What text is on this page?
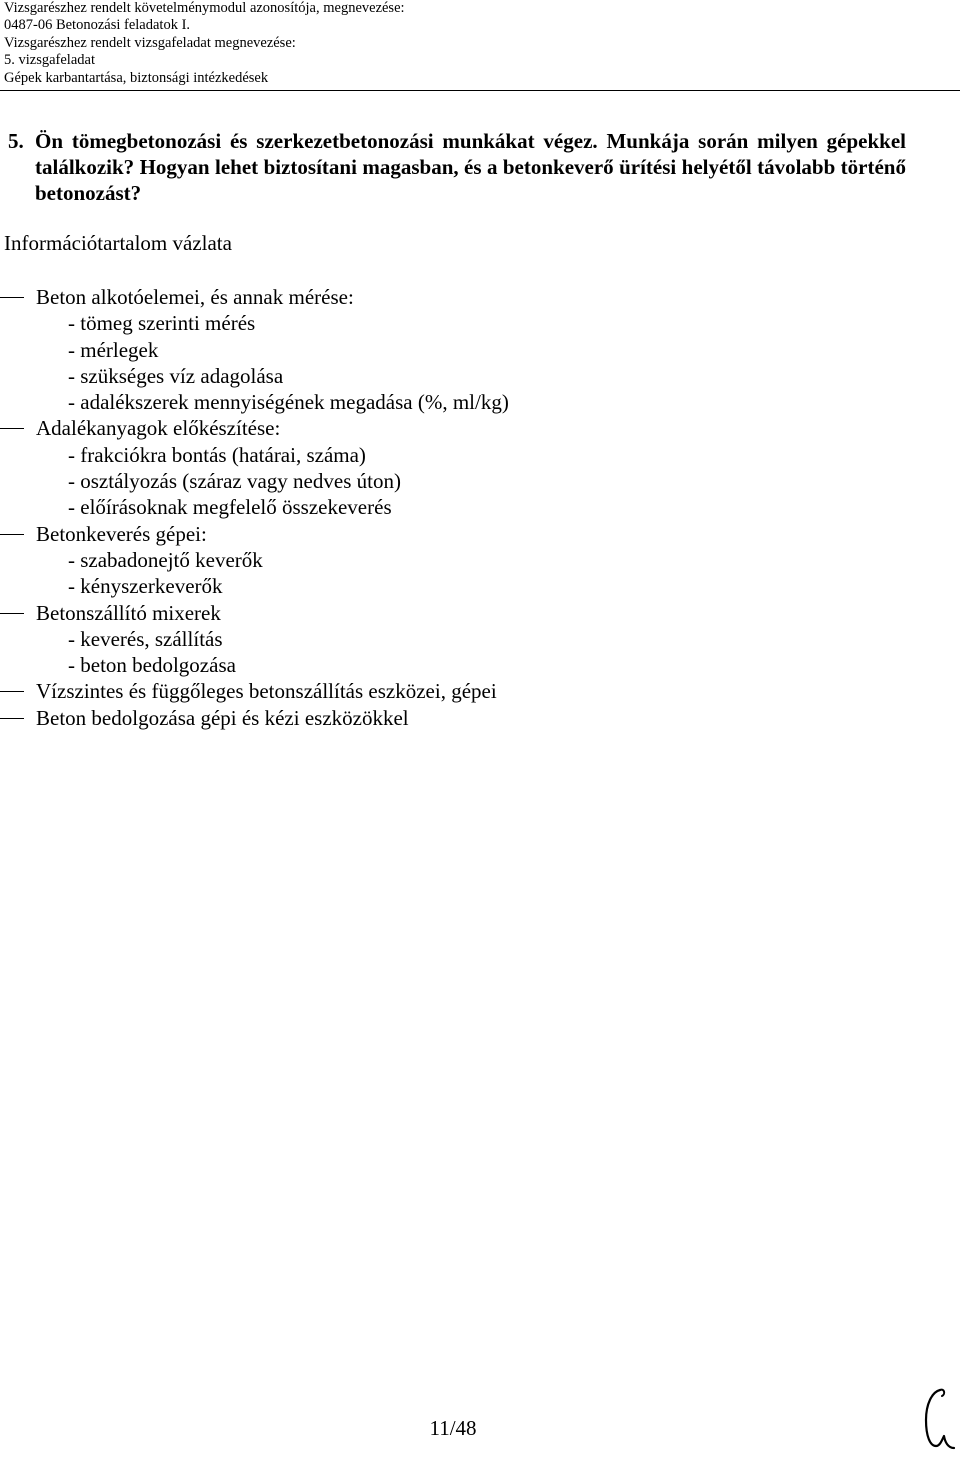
Vizsgarészhez rendelt követelménymodul azonosítója, megnevezése:
0487-06 Betonozási feladatok I.
Vizsgarészhez rendelt vizsgafeladat megnevezése:
5. vizsgafeladat
Gépek karbantartása, biztonsági intézkedések
5. Ön tömegbetonozási és szerkezetbetonozási munkákat végez. Munkája során milyen gépekkel találkozik? Hogyan lehet biztosítani magasban, és a betonkeverő ürítési helyétől távolabb történő betonozást?
Információtartalom vázlata
Beton alkotóelemei, és annak mérése:
- tömeg szerinti mérés
- mérlegek
- szükséges víz adagolása
- adalékszerek mennyiségének megadása (%, ml/kg)
Adalékanyagok előkészítése:
- frakciókra bontás (határai, száma)
- osztályozás (száraz vagy nedves úton)
- előírásoknak megfelelő összekeverés
Betonkeverés gépei:
- szabadonejtő keverők
- kényszerkeverők
Betonszállító mixerek
- keverés, szállítás
- beton bedolgozása
Vízszintes és függőleges betonszállítás eszközei, gépei
Beton bedolgozása gépi és kézi eszközökkel
11/48
